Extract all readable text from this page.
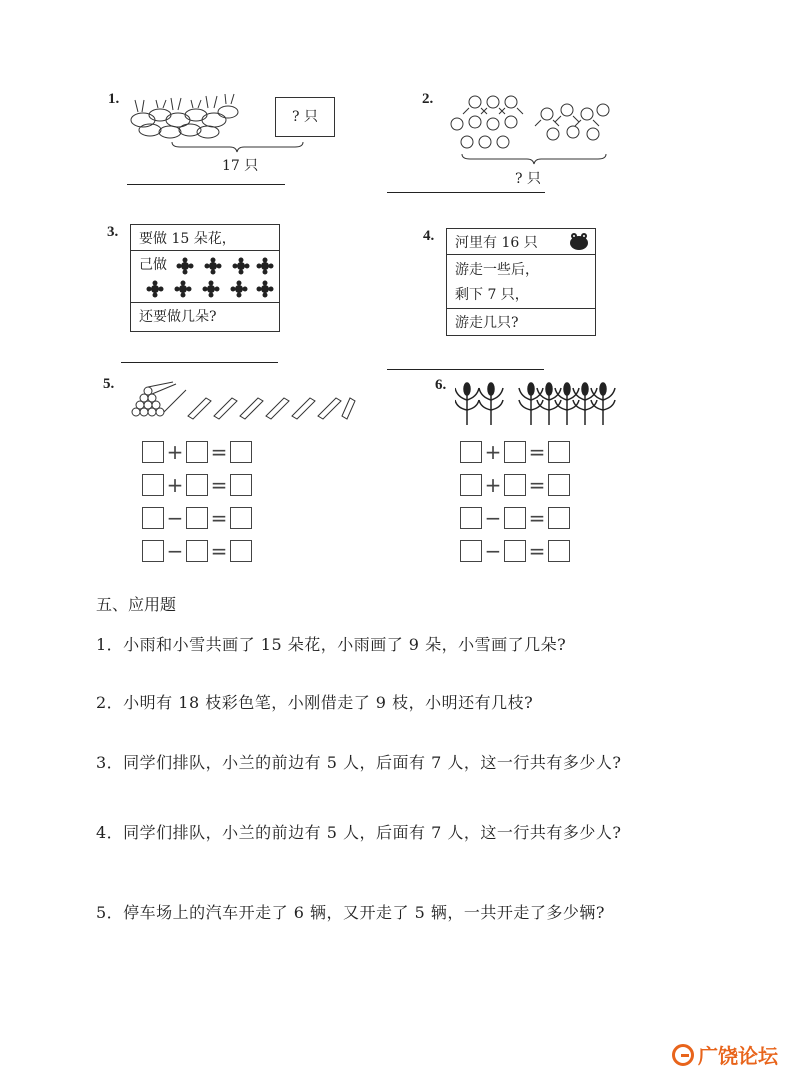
1.
? 只
17 只
2.
? 只
3.	要做 15 朵花，
己做
还要做几朵?
4.	河里有 16 只
游走一些后，
剩下 7 只，
游走几只?
5.
+ =
+ =
− =
− =
6.
+ =
+ =
− =
− =
五、应用题
1．小雨和小雪共画了 15 朵花，小雨画了 9 朵，小雪画了几朵?
2．小明有 18 枝彩色笔，小刚借走了 9 枝，小明还有几枝?
3．同学们排队，小兰的前边有 5 人，后面有 7 人，这一行共有多少人?
4．同学们排队，小兰的前边有 5 人，后面有 7 人，这一行共有多少人?
5．停车场上的汽车开走了 6 辆，又开走了 5 辆，一共开走了多少辆?
广饶论坛
